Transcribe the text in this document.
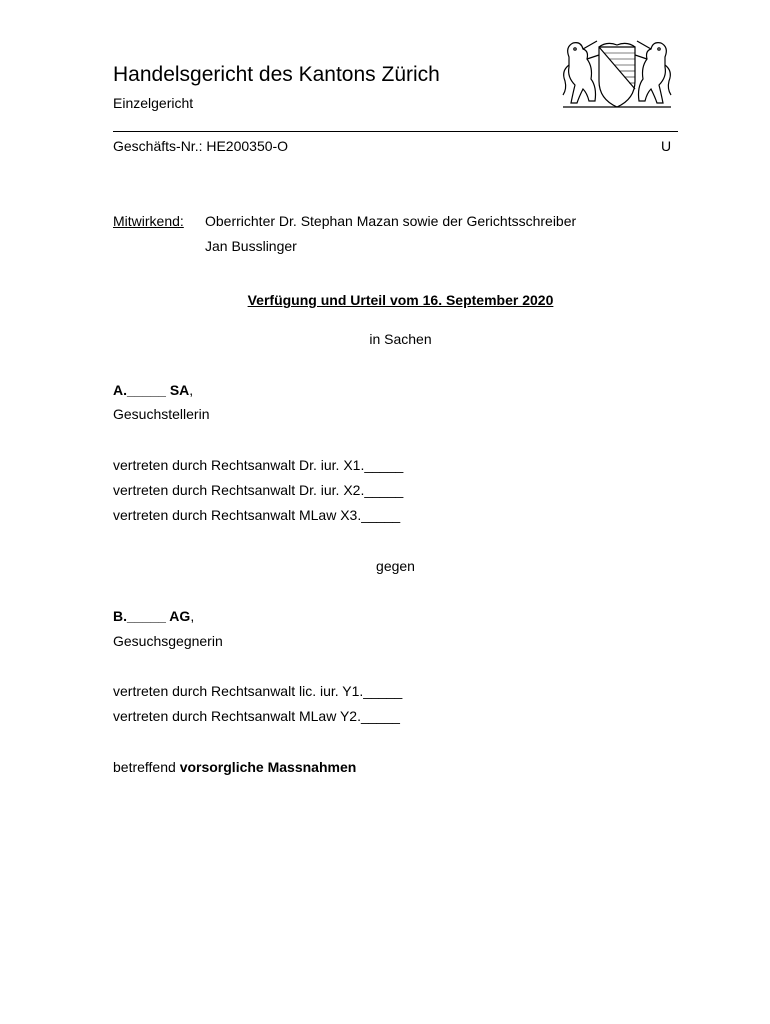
Handelsgericht des Kantons Zürich
Einzelgericht
Geschäfts-Nr.: HE200350-O	U
Mitwirkend: Oberrichter Dr. Stephan Mazan sowie der Gerichtsschreiber
Jan Busslinger
Verfügung und Urteil vom 16. September 2020
in Sachen
A._____ SA,
Gesuchstellerin
vertreten durch Rechtsanwalt Dr. iur. X1._____
vertreten durch Rechtsanwalt Dr. iur. X2._____
vertreten durch Rechtsanwalt MLaw X3._____
gegen
B._____ AG,
Gesuchsgegnerin
vertreten durch Rechtsanwalt lic. iur. Y1._____
vertreten durch Rechtsanwalt MLaw Y2._____
betreffend vorsorgliche Massnahmen
